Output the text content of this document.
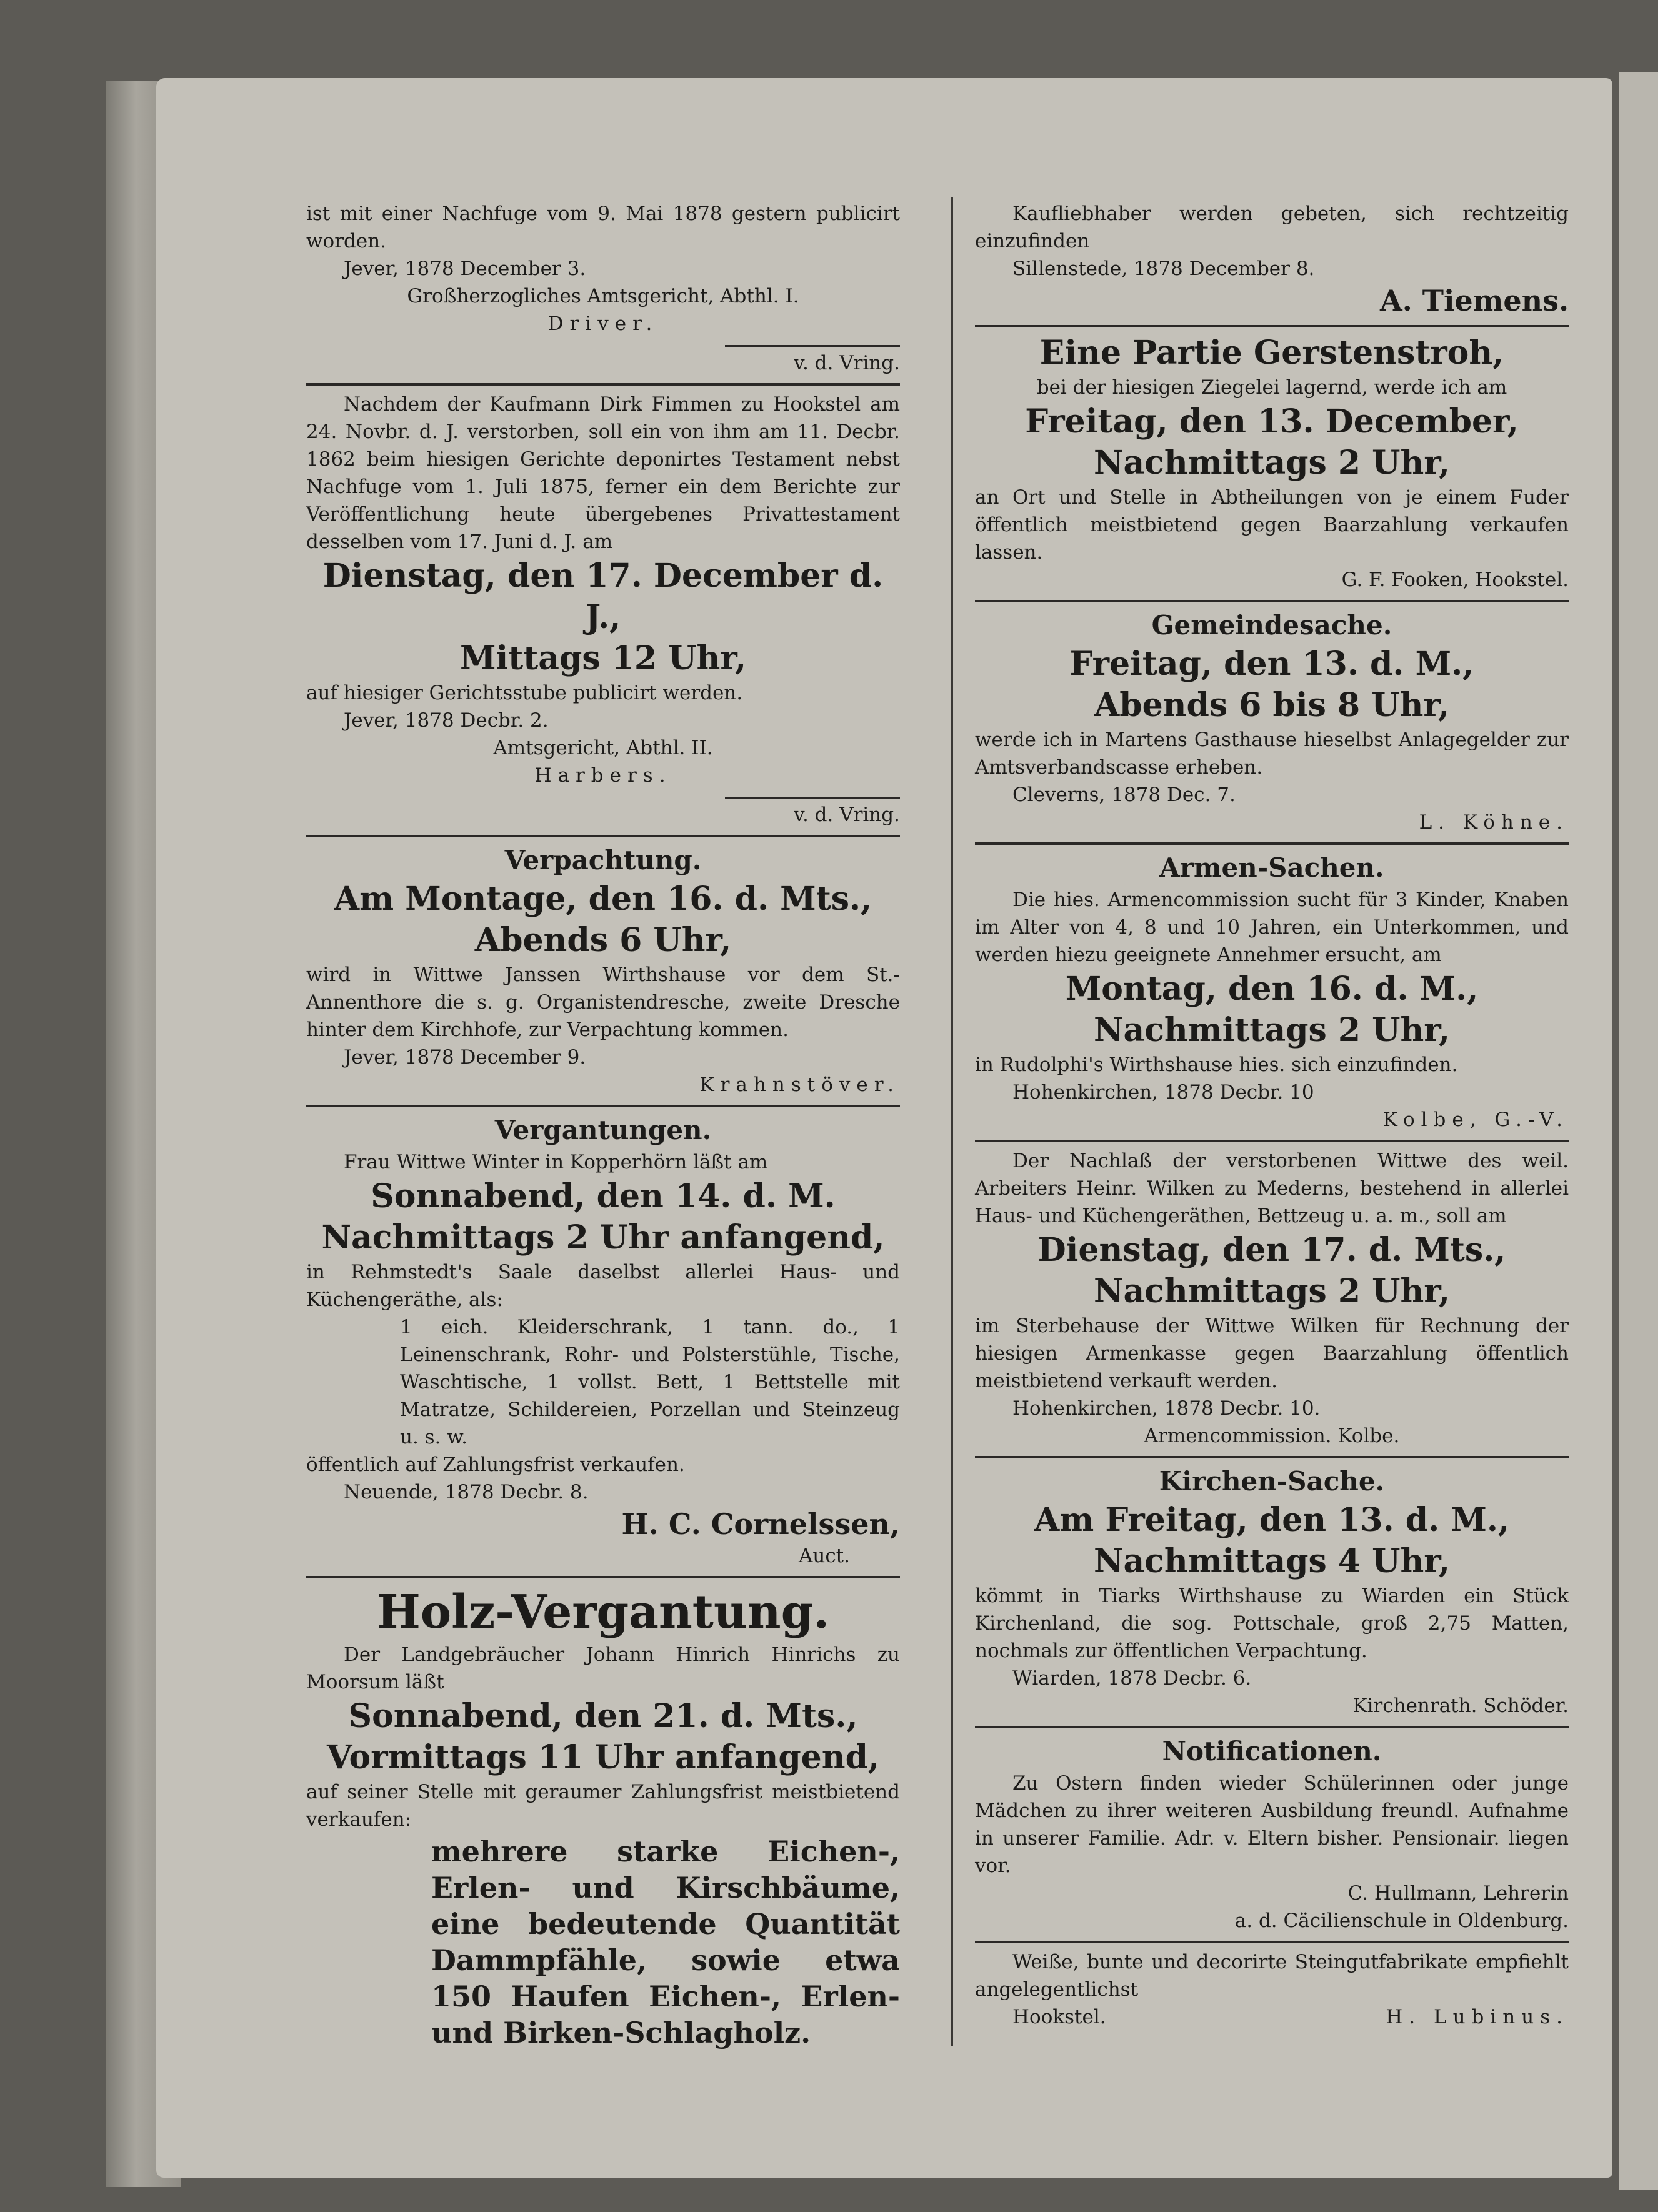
ist mit einer Nachfuge vom 9. Mai 1878 gestern publicirt worden.

Jever, 1878 December 3.

Großherzogliches Amtsgericht, Abthl. I.

Driver.

v. d. Vring.

Nachdem der Kaufmann Dirk Fimmen zu Hookstel am 24. Novbr. d. J. verstorben, soll ein von ihm am 11. Decbr. 1862 beim hiesigen Gerichte deponirtes Testament nebst Nachfuge vom 1. Juli 1875, ferner ein dem Berichte zur Veröffentlichung heute übergebenes Privattestament desselben vom 17. Juni d. J. am

Dienstag, den 17. December d. J.,

Mittags 12 Uhr,

auf hiesiger Gerichtsstube publicirt werden.

Jever, 1878 Decbr. 2.

Amtsgericht, Abthl. II.

Harbers.

v. d. Vring.

Verpachtung.

Am Montage, den 16. d. Mts.,

Abends 6 Uhr,

wird in Wittwe Janssen Wirthshause vor dem St.-Annenthore die s. g. Organistendresche, zweite Dresche hinter dem Kirchhofe, zur Verpachtung kommen.

Jever, 1878 December 9.

Krahnstöver.

Vergantungen.

Frau Wittwe Winter in Kopperhörn läßt am

Sonnabend, den 14. d. M.

Nachmittags 2 Uhr anfangend,

in Rehmstedt's Saale daselbst allerlei Haus- und Küchengeräthe, als:

1 eich. Kleiderschrank, 1 tann. do., 1 Leinenschrank, Rohr- und Polsterstühle, Tische, Waschtische, 1 vollst. Bett, 1 Bettstelle mit Matratze, Schildereien, Porzellan und Steinzeug u. s. w.

öffentlich auf Zahlungsfrist verkaufen.

Neuende, 1878 Decbr. 8.

H. C. Cornelssen,

Auct.

Holz-Vergantung.

Der Landgebräucher Johann Hinrich Hinrichs zu Moorsum läßt

Sonnabend, den 21. d. Mts.,

Vormittags 11 Uhr anfangend,

auf seiner Stelle mit geraumer Zahlungsfrist meistbietend verkaufen:

mehrere starke Eichen-, Erlen- und Kirschbäume, eine bedeutende Quantität Dammpfähle, sowie etwa 150 Haufen Eichen-, Erlen- und Birken-Schlagholz.

Kaufliebhaber werden gebeten, sich rechtzeitig einzufinden

Sillenstede, 1878 December 8.

A. Tiemens.

Eine Partie Gerstenstroh,

bei der hiesigen Ziegelei lagernd, werde ich am

Freitag, den 13. December,

Nachmittags 2 Uhr,

an Ort und Stelle in Abtheilungen von je einem Fuder öffentlich meistbietend gegen Baarzahlung verkaufen lassen.

G. F. Fooken, Hookstel.

Gemeindesache.

Freitag, den 13. d. M.,

Abends 6 bis 8 Uhr,

werde ich in Martens Gasthause hieselbst Anlagegelder zur Amtsverbandscasse erheben.

Cleverns, 1878 Dec. 7.

L. Köhne.

Armen-Sachen.

Die hies. Armencommission sucht für 3 Kinder, Knaben im Alter von 4, 8 und 10 Jahren, ein Unterkommen, und werden hiezu geeignete Annehmer ersucht, am

Montag, den 16. d. M.,

Nachmittags 2 Uhr,

in Rudolphi's Wirthshause hies. sich einzufinden.

Hohenkirchen, 1878 Decbr. 10

Kolbe, G.-V.

Der Nachlaß der verstorbenen Wittwe des weil. Arbeiters Heinr. Wilken zu Mederns, bestehend in allerlei Haus- und Küchengeräthen, Bettzeug u. a. m., soll am

Dienstag, den 17. d. Mts.,

Nachmittags 2 Uhr,

im Sterbehause der Wittwe Wilken für Rechnung der hiesigen Armenkasse gegen Baarzahlung öffentlich meistbietend verkauft werden.

Hohenkirchen, 1878 Decbr. 10.

Armencommission. Kolbe.

Kirchen-Sache.

Am Freitag, den 13. d. M.,

Nachmittags 4 Uhr,

kömmt in Tiarks Wirthshause zu Wiarden ein Stück Kirchenland, die sog. Pottschale, groß 2,75 Matten, nochmals zur öffentlichen Verpachtung.

Wiarden, 1878 Decbr. 6.

Kirchenrath. Schöder.

Notificationen.

Zu Ostern finden wieder Schülerinnen oder junge Mädchen zu ihrer weiteren Ausbildung freundl. Aufnahme in unserer Familie. Adr. v. Eltern bisher. Pensionair. liegen vor.

C. Hullmann, Lehrerin

a. d. Cäcilienschule in Oldenburg.

Weiße, bunte und decorirte Steingutfabrikate empfiehlt angelegentlichst

Hookstel.	H. Lubinus.
